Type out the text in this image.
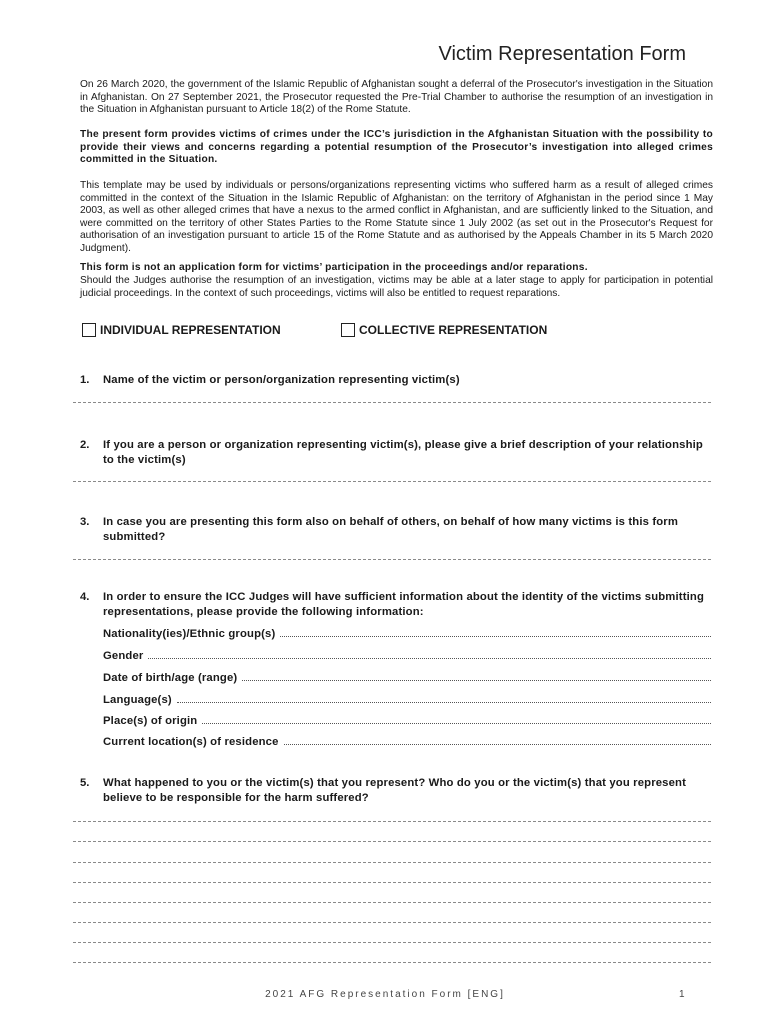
Victim Representation Form

On 26 March 2020, the government of the Islamic Republic of Afghanistan sought a deferral of the Prosecutor's investigation in the Situation in Afghanistan. On 27 September 2021, the Prosecutor requested the Pre-Trial Chamber to authorise the resumption of an investigation in the Situation in Afghanistan pursuant to Article 18(2) of the Rome Statute.

The present form provides victims of crimes under the ICC’s jurisdiction in the Afghanistan Situation with the possibility to provide their views and concerns regarding a potential resumption of the Prosecutor’s investigation into alleged crimes committed in the Situation.

This template may be used by individuals or persons/organizations representing victims who suffered harm as a result of alleged crimes committed in the context of the Situation in the Islamic Republic of Afghanistan: on the territory of Afghanistan in the period since 1 May 2003, as well as other alleged crimes that have a nexus to the armed conflict in Afghanistan, and are sufficiently linked to the Situation, and were committed on the territory of other States Parties to the Rome Statute since 1 July 2002 (as set out in the Prosecutor's Request for authorisation of an investigation pursuant to article 15 of the Rome Statute and as authorised by the Appeals Chamber in its 5 March 2020 Judgment).

This form is not an application form for victims’ participation in the proceedings and/or reparations.

Should the Judges authorise the resumption of an investigation, victims may be able at a later stage to apply for participation in potential judicial proceedings. In the context of such proceedings, victims will also be entitled to request reparations.

INDIVIDUAL REPRESENTATION	COLLECTIVE REPRESENTATION
1.	Name of the victim or person/organization representing victim(s)
2.	If you are a person or organization representing victim(s), please give a brief description of your relationship to the victim(s)
3.	In case you are presenting this form also on behalf of others, on behalf of how many victims is this form submitted?
4.	In order to ensure the ICC Judges will have sufficient information about the identity of the victims submitting representations, please provide the following information:
Nationality(ies)/Ethnic group(s)
Gender
Date of birth/age (range)
Language(s)
Place(s) of origin
Current location(s) of residence
5.	What happened to you or the victim(s) that you represent? Who do you or the victim(s) that you represent believe to be responsible for the harm suffered?
2021 AFG Representation Form [ENG]	1
